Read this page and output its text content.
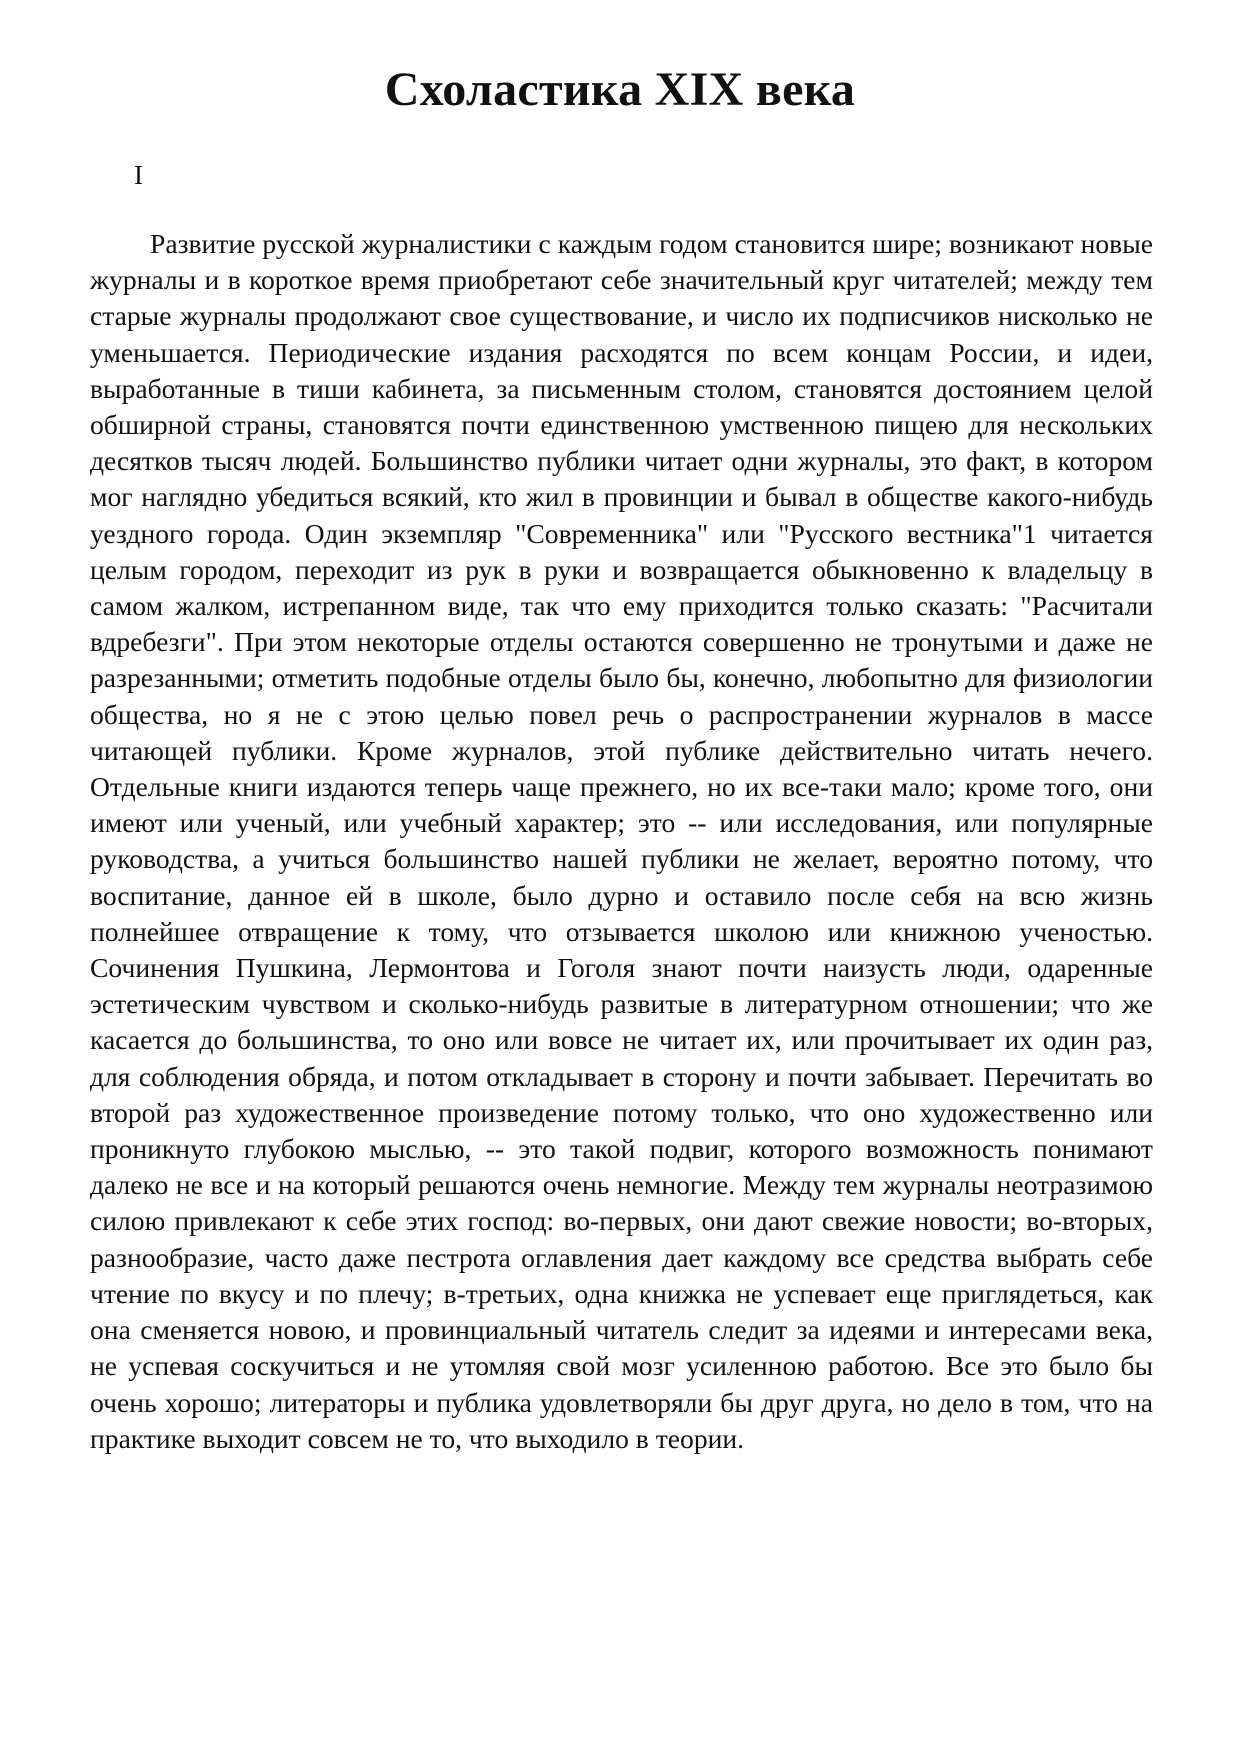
Схоластика XIX века
I

Развитие русской журналистики с каждым годом становится шире; возникают новые журналы и в короткое время приобретают себе значительный круг читателей; между тем старые журналы продолжают свое существование, и число их подписчиков нисколько не уменьшается. Периодические издания расходятся по всем концам России, и идеи, выработанные в тиши кабинета, за письменным столом, становятся достоянием целой обширной страны, становятся почти единственною умственною пищею для нескольких десятков тысяч людей. Большинство публики читает одни журналы, это факт, в котором мог наглядно убедиться всякий, кто жил в провинции и бывал в обществе какого-нибудь уездного города. Один экземпляр "Современника" или "Русского вестника"1 читается целым городом, переходит из рук в руки и возвращается обыкновенно к владельцу в самом жалком, истрепанном виде, так что ему приходится только сказать: "Расчитали вдребезги". При этом некоторые отделы остаются совершенно не тронутыми и даже не разрезанными; отметить подобные отделы было бы, конечно, любопытно для физиологии общества, но я не с этою целью повел речь о распространении журналов в массе читающей публики. Кроме журналов, этой публике действительно читать нечего. Отдельные книги издаются теперь чаще прежнего, но их все-таки мало; кроме того, они имеют или ученый, или учебный характер; это -- или исследования, или популярные руководства, а учиться большинство нашей публики не желает, вероятно потому, что воспитание, данное ей в школе, было дурно и оставило после себя на всю жизнь полнейшее отвращение к тому, что отзывается школою или книжною ученостью. Сочинения Пушкина, Лермонтова и Гоголя знают почти наизусть люди, одаренные эстетическим чувством и сколько-нибудь развитые в литературном отношении; что же касается до большинства, то оно или вовсе не читает их, или прочитывает их один раз, для соблюдения обряда, и потом откладывает в сторону и почти забывает. Перечитать во второй раз художественное произведение потому только, что оно художественно или проникнуто глубокою мыслью, -- это такой подвиг, которого возможность понимают далеко не все и на который решаются очень немногие. Между тем журналы неотразимою силою привлекают к себе этих господ: во-первых, они дают свежие новости; во-вторых, разнообразие, часто даже пестрота оглавления дает каждому все средства выбрать себе чтение по вкусу и по плечу; в-третьих, одна книжка не успевает еще приглядеться, как она сменяется новою, и провинциальный читатель следит за идеями и интересами века, не успевая соскучиться и не утомляя свой мозг усиленною работою. Все это было бы очень хорошо; литераторы и публика удовлетворяли бы друг друга, но дело в том, что на практике выходит совсем не то, что выходило в теории.
